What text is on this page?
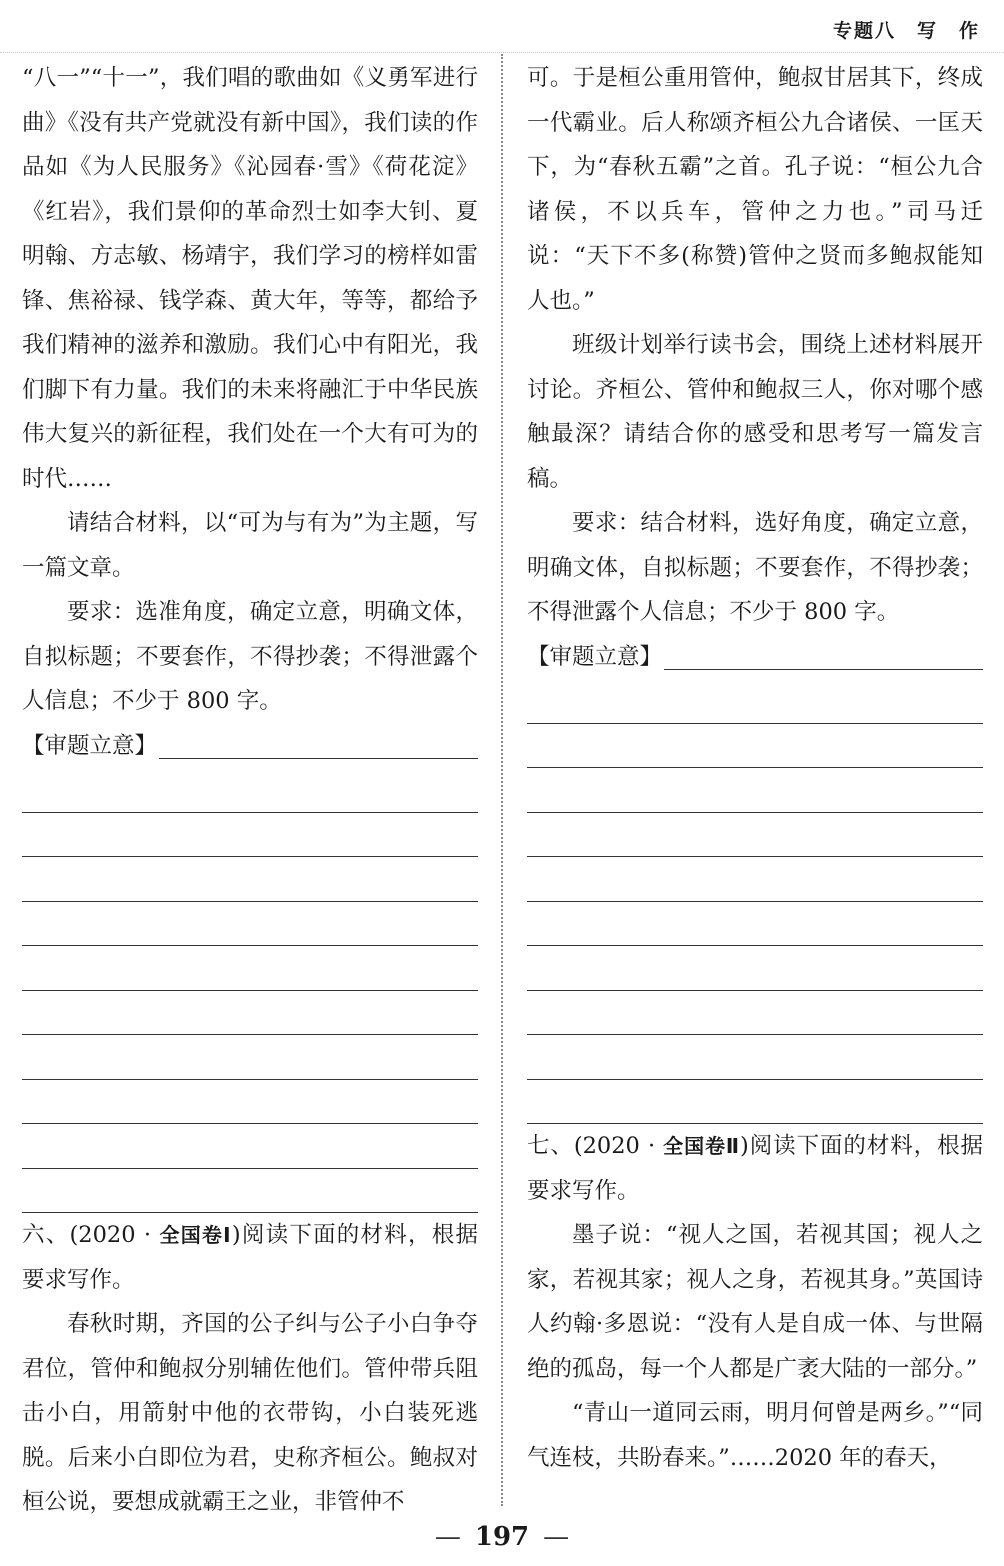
专题八　写　作

“八一”“十一”，我们唱的歌曲如《义勇军进行曲》《没有共产党就没有新中国》，我们读的作品如《为人民服务》《沁园春·雪》《荷花淀》《红岩》，我们景仰的革命烈士如李大钊、夏明翰、方志敏、杨靖宇，我们学习的榜样如雷锋、焦裕禄、钱学森、黄大年，等等，都给予我们精神的滋养和激励。我们心中有阳光，我们脚下有力量。我们的未来将融汇于中华民族伟大复兴的新征程，我们处在一个大有可为的时代……

请结合材料，以“可为与有为”为主题，写一篇文章。

要求：选准角度，确定立意，明确文体，自拟标题；不要套作，不得抄袭；不得泄露个人信息；不少于 800 字。

【审题立意】

六、(2020 · 全国卷Ⅰ)阅读下面的材料，根据要求写作。

春秋时期，齐国的公子纠与公子小白争夺君位，管仲和鲍叔分别辅佐他们。管仲带兵阻击小白，用箭射中他的衣带钩，小白装死逃脱。后来小白即位为君，史称齐桓公。鲍叔对桓公说，要想成就霸王之业，非管仲不

可。于是桓公重用管仲，鲍叔甘居其下，终成一代霸业。后人称颂齐桓公九合诸侯、一匡天下，为“春秋五霸”之首。孔子说：“桓公九合诸侯，不以兵车，管仲之力也。”司马迁说：“天下不多(称赞)管仲之贤而多鲍叔能知人也。”

班级计划举行读书会，围绕上述材料展开讨论。齐桓公、管仲和鲍叔三人，你对哪个感触最深？请结合你的感受和思考写一篇发言稿。

要求：结合材料，选好角度，确定立意，明确文体，自拟标题；不要套作，不得抄袭；不得泄露个人信息；不少于 800 字。

【审题立意】

七、(2020 · 全国卷Ⅱ)阅读下面的材料，根据要求写作。

墨子说：“视人之国，若视其国；视人之家，若视其家；视人之身，若视其身。”英国诗人约翰·多恩说：“没有人是自成一体、与世隔绝的孤岛，每一个人都是广袤大陆的一部分。”

“青山一道同云雨，明月何曾是两乡。”“同气连枝，共盼春来。”……2020 年的春天，

— 197 —
